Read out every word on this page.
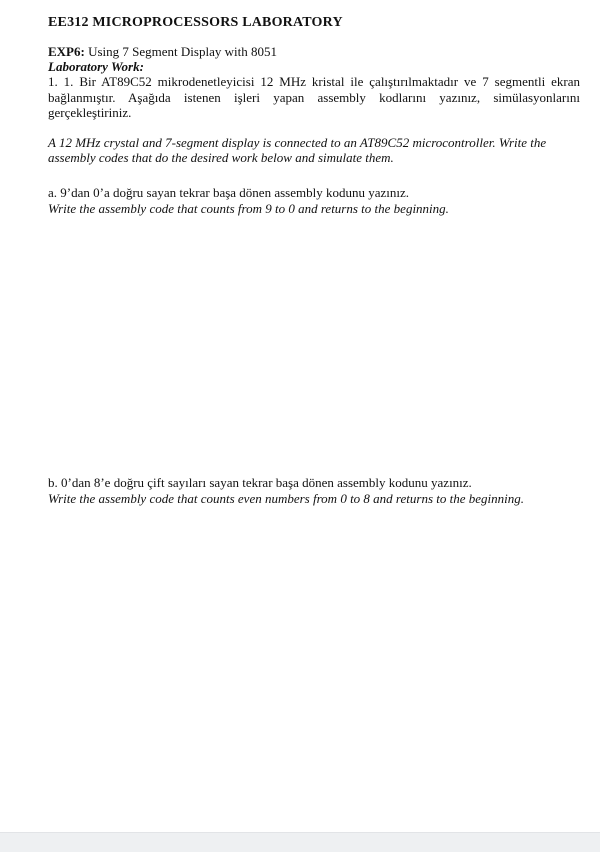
EE312 MICROPROCESSORS LABORATORY

EXP6: Using 7 Segment Display with 8051

Laboratory Work:

1. 1. Bir AT89C52 mikrodenetleyicisi 12 MHz kristal ile çalıştırılmaktadır ve 7 segmentli ekran bağlanmıştır. Aşağıda istenen işleri yapan assembly kodlarını yazınız, simülasyonlarını gerçekleştiriniz.

A 12 MHz crystal and 7-segment display is connected to an AT89C52 microcontroller. Write the assembly codes that do the desired work below and simulate them.

a. 9’dan 0’a doğru sayan tekrar başa dönen assembly kodunu yazınız.

Write the assembly code that counts from 9 to 0 and returns to the beginning.

b. 0’dan 8’e doğru çift sayıları sayan tekrar başa dönen assembly kodunu yazınız.

Write the assembly code that counts even numbers from 0 to 8 and returns to the beginning.
